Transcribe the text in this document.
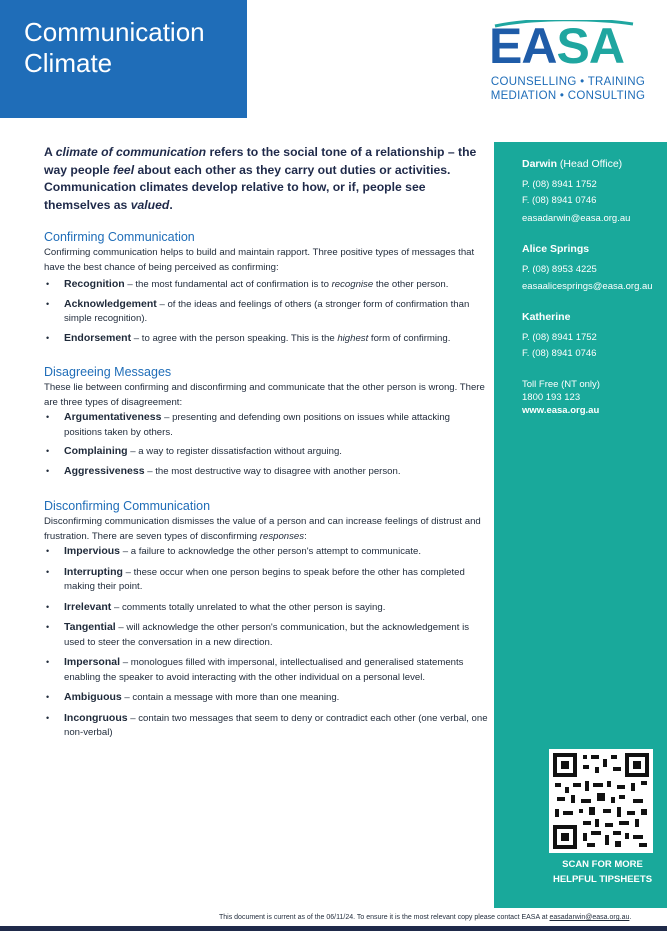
Communication
Climate	EASA
COUNSELLING • TRAINING
MEDIATION • CONSULTING

A climate of communication refers to the social tone of a relationship – the way people feel about each other as they carry out duties or activities. Communication climates develop relative to how, or if, people see themselves as valued.

Confirming Communication

Confirming communication helps to build and maintain rapport. Three positive types of messages that have the best chance of being perceived as confirming:

• Recognition – the most fundamental act of confirmation is to recognise the other person.
• Acknowledgement – of the ideas and feelings of others (a stronger form of confirmation than simple recognition).
• Endorsement – to agree with the person speaking. This is the highest form of confirming.
Disagreeing Messages

These lie between confirming and disconfirming and communicate that the other person is wrong. There are three types of disagreement:

• Argumentativeness – presenting and defending own positions on issues while attacking positions taken by others.
• Complaining – a way to register dissatisfaction without arguing.
• Aggressiveness – the most destructive way to disagree with another person.
Disconfirming Communication

Disconfirming communication dismisses the value of a person and can increase feelings of distrust and frustration. There are seven types of disconfirming responses:

• Impervious – a failure to acknowledge the other person's attempt to communicate.
• Interrupting – these occur when one person begins to speak before the other has completed making their point.
• Irrelevant – comments totally unrelated to what the other person is saying.
• Tangential – will acknowledge the other person's communication, but the acknowledgement is used to steer the conversation in a new direction.
• Impersonal – monologues filled with impersonal, intellectualised and generalised statements enabling the speaker to avoid interacting with the other individual on a personal level.
• Ambiguous – contain a message with more than one meaning.
• Incongruous – contain two messages that seem to deny or contradict each other (one verbal, one non-verbal)
Darwin (Head Office)
P. (08) 8941 1752
F. (08) 8941 0746
easadarwin@easa.org.au
Alice Springs
P. (08) 8953 4225
easaalicesprings@easa.org.au
Katherine
P. (08) 8941 1752
F. (08) 8941 0746
Toll Free (NT only)
1800 193 123
www.easa.org.au
SCAN FOR MORE
HELPFUL TIPSHEETS
This document is current as of the 06/11/24. To ensure it is the most relevant copy please contact EASA at easadarwin@easa.org.au.
